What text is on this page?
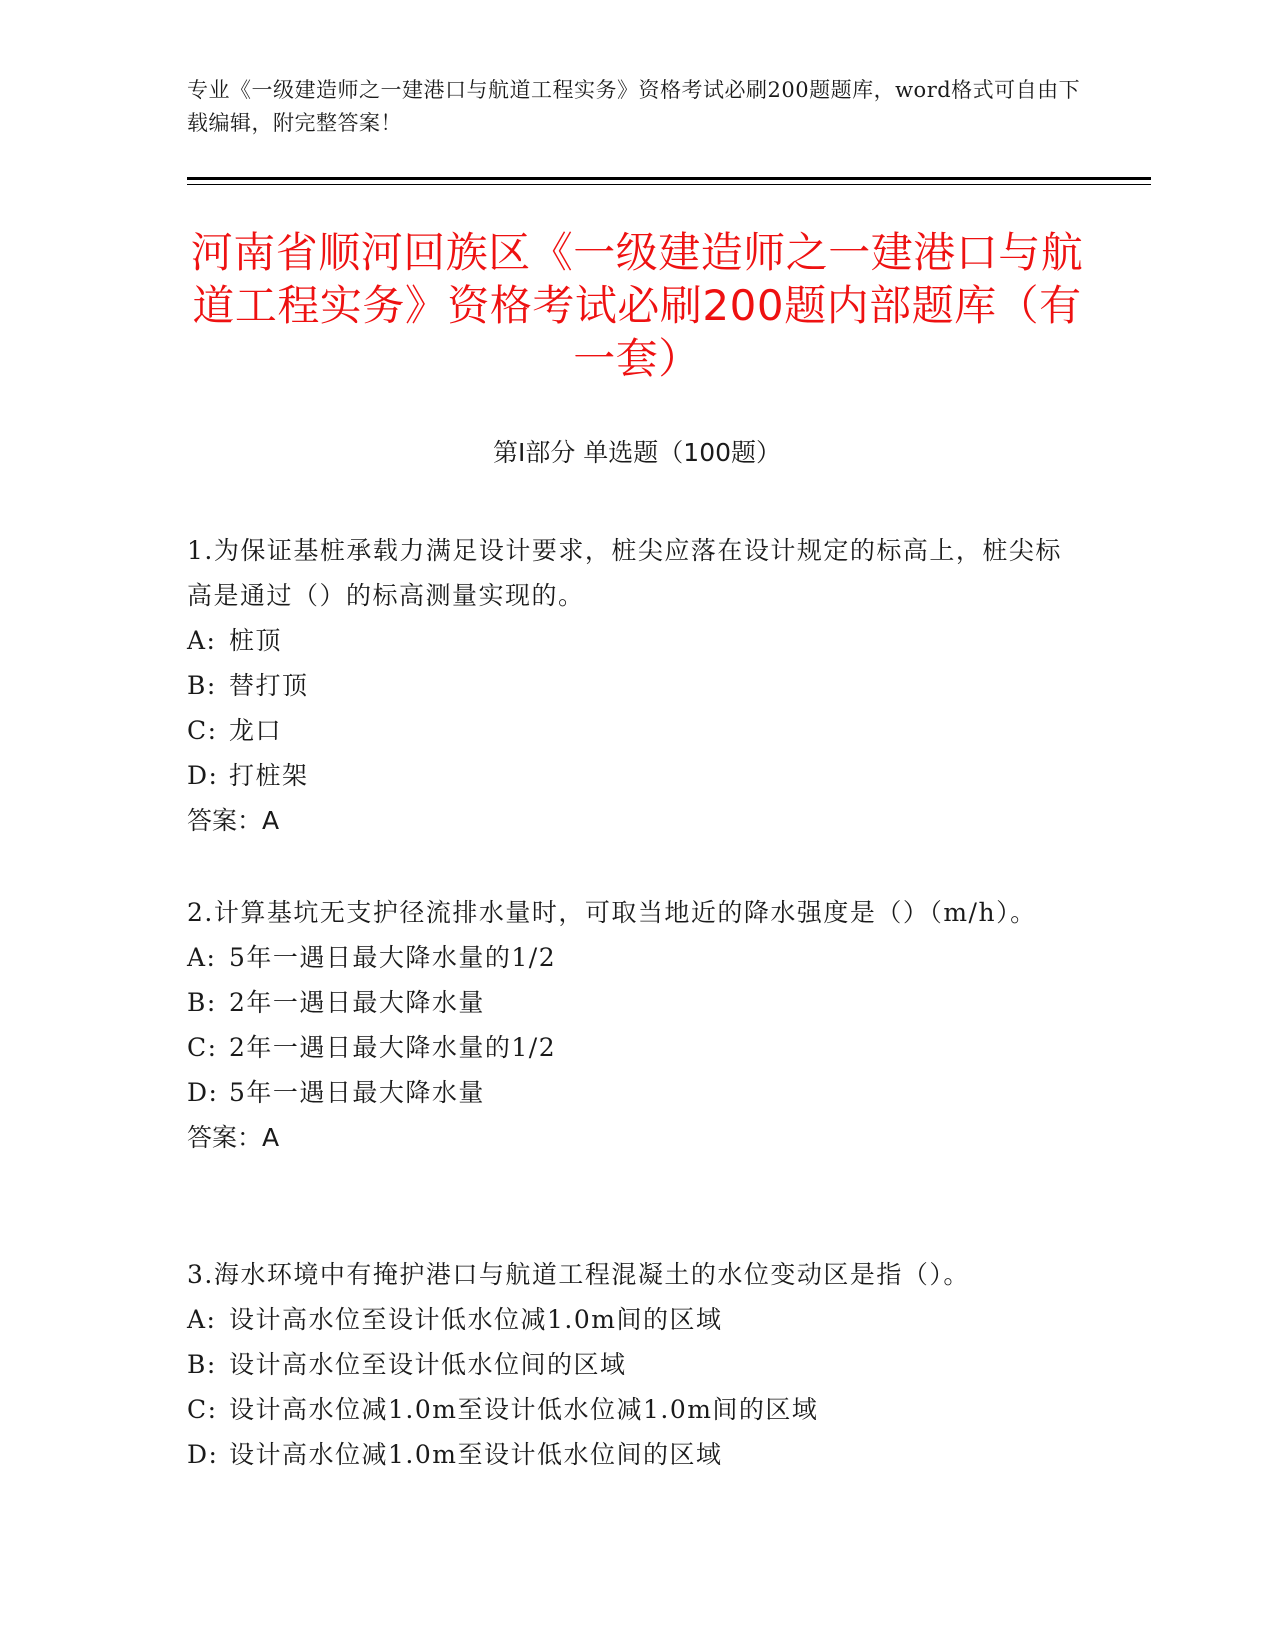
专业《一级建造师之一建港口与航道工程实务》资格考试必刷200题题库，word格式可自由下载编辑，附完整答案！
河南省顺河回族区《一级建造师之一建港口与航道工程实务》资格考试必刷200题内部题库（有一套）
第I部分 单选题（100题）
1.为保证基桩承载力满足设计要求，桩尖应落在设计规定的标高上，桩尖标高是通过（）的标高测量实现的。
A: 桩顶
B: 替打顶
C: 龙口
D: 打桩架
答案：A
2.计算基坑无支护径流排水量时，可取当地近的降水强度是（）（m/h）。
A: 5年一遇日最大降水量的1/2
B: 2年一遇日最大降水量
C: 2年一遇日最大降水量的1/2
D: 5年一遇日最大降水量
答案：A
3.海水环境中有掩护港口与航道工程混凝土的水位变动区是指（）。
A: 设计高水位至设计低水位减1.0m间的区域
B: 设计高水位至设计低水位间的区域
C: 设计高水位减1.0m至设计低水位减1.0m间的区域
D: 设计高水位减1.0m至设计低水位间的区域
